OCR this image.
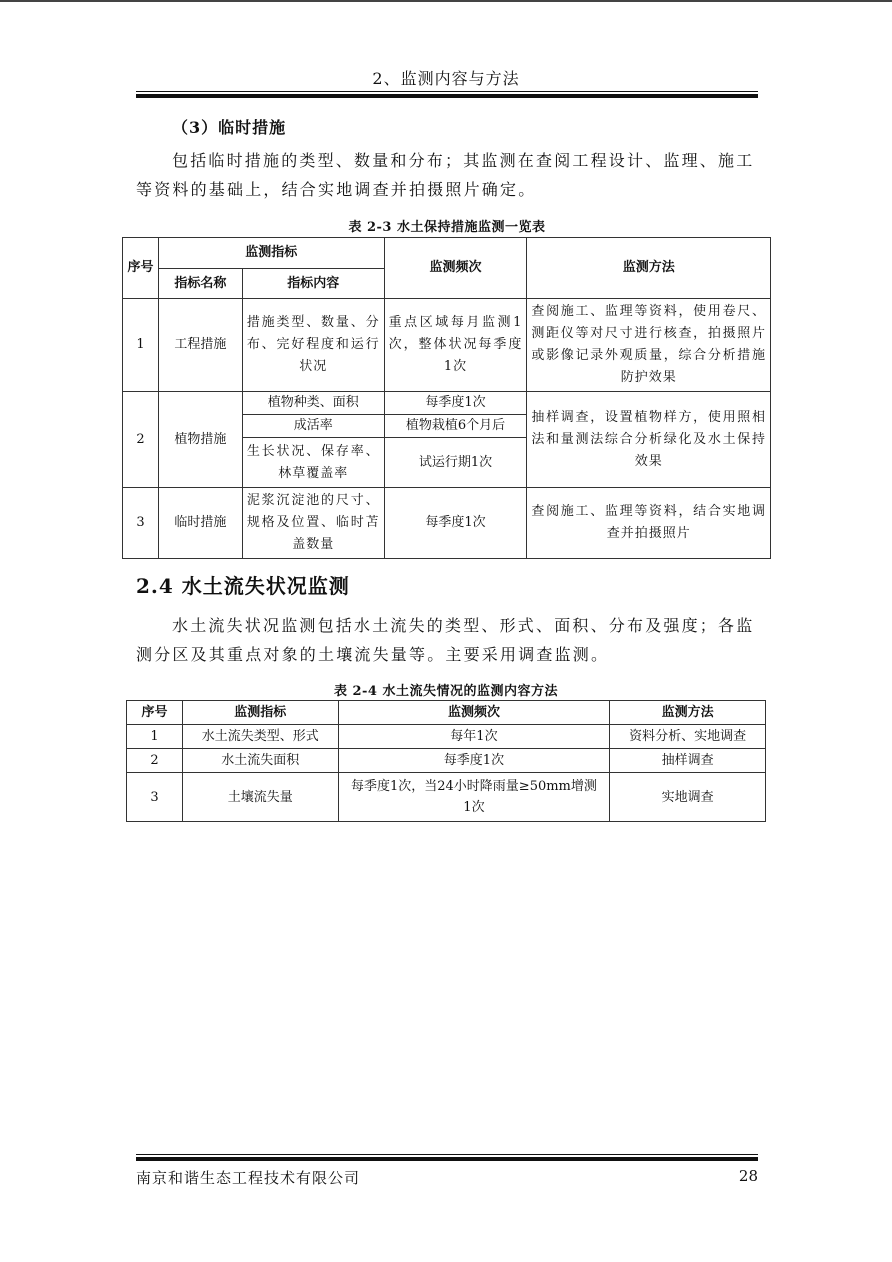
2、监测内容与方法
（3）临时措施
包括临时措施的类型、数量和分布；其监测在查阅工程设计、监理、施工等资料的基础上，结合实地调查并拍摄照片确定。
表 2-3 水土保持措施监测一览表
序号	监测指标		监测频次	监测方法
	指标名称	指标内容		
1	工程措施	措施类型、数量、分布、完好程度和运行状况	重点区域每月监测1次，整体状况每季度1次	查阅施工、监理等资料，使用卷尺、测距仪等对尺寸进行核查，拍摄照片或影像记录外观质量，综合分析措施防护效果
2	植物措施	植物种类、面积	每季度1次	抽样调查，设置植物样方，使用照相法和量测法综合分析绿化及水土保持效果
		成活率	植物栽植6个月后	
		生长状况、保存率、林草覆盖率	试运行期1次	
3	临时措施	泥浆沉淀池的尺寸、规格及位置、临时苫盖数量	每季度1次	查阅施工、监理等资料，结合实地调查并拍摄照片
2.4 水土流失状况监测
水土流失状况监测包括水土流失的类型、形式、面积、分布及强度；各监测分区及其重点对象的土壤流失量等。主要采用调查监测。
表 2-4 水土流失情况的监测内容方法
序号	监测指标	监测频次	监测方法
1	水土流失类型、形式	每年1次	资料分析、实地调查
2	水土流失面积	每季度1次	抽样调查
3	土壤流失量	每季度1次，当24小时降雨量≥50mm增测1次	实地调查
南京和谐生态工程技术有限公司	28
